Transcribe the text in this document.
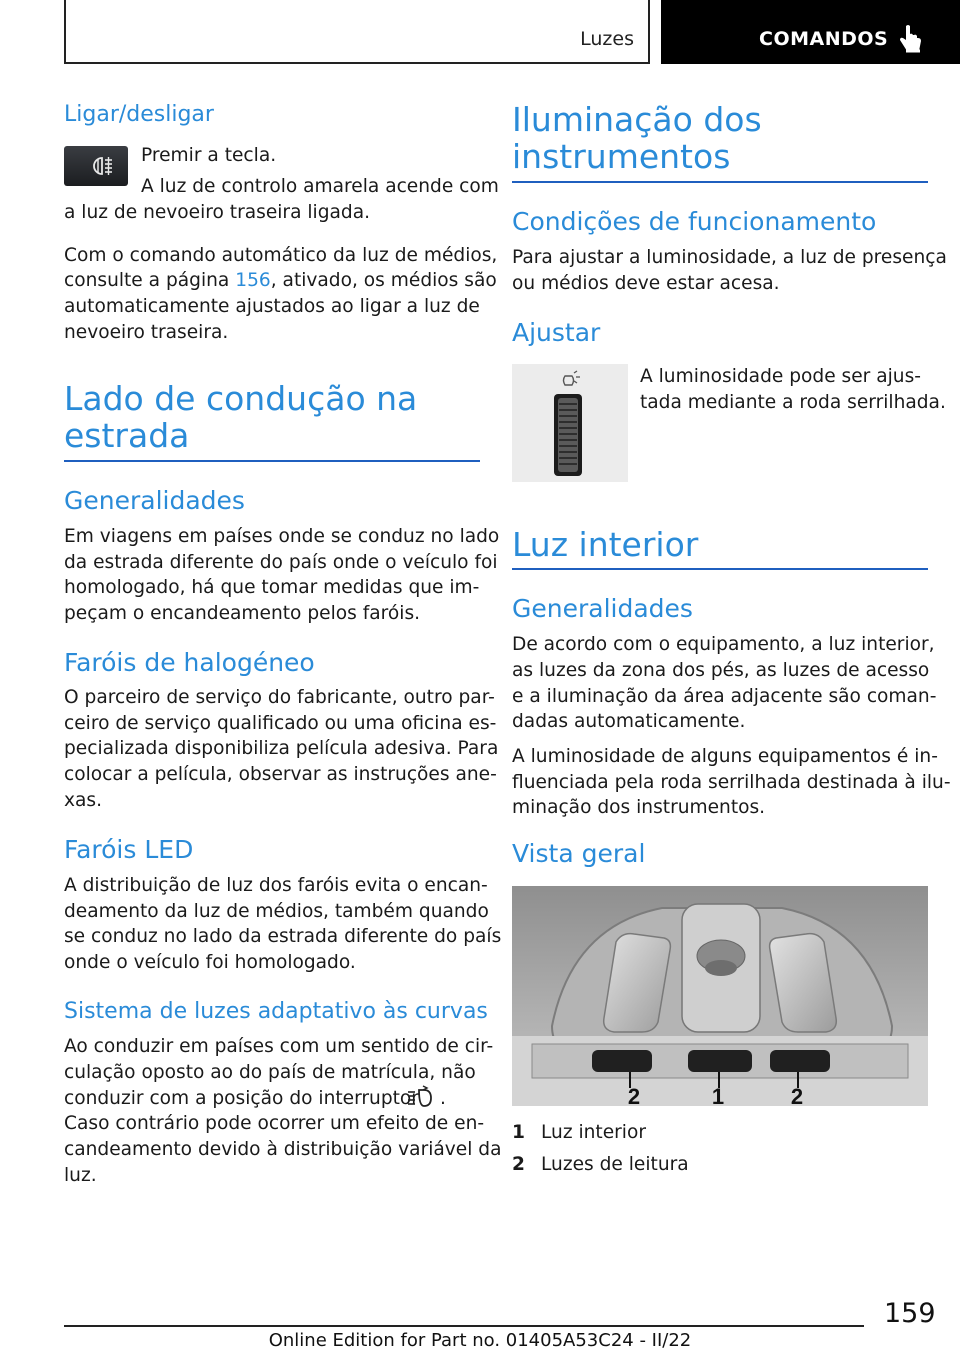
Luzes	COMANDOS
Ligar/desligar
Premir a tecla.
A luz de controlo amarela acende com
a luz de nevoeiro traseira ligada.
Com o comando automático da luz de médios,
consulte a página 156, ativado, os médios são
automaticamente ajustados ao ligar a luz de
nevoeiro traseira.
Lado de condução na
estrada
Generalidades
Em viagens em países onde se conduz no lado
da estrada diferente do país onde o veículo foi
homologado, há que tomar medidas que im-
peçam o encandeamento pelos faróis.
Faróis de halogéneo
O parceiro de serviço do fabricante, outro par-
ceiro de serviço qualificado ou uma oficina es-
pecializada disponibiliza película adesiva. Para
colocar a película, observar as instruções ane-
xas.
Faróis LED
A distribuição de luz dos faróis evita o encan-
deamento da luz de médios, também quando
se conduz no lado da estrada diferente do país
onde o veículo foi homologado.
Sistema de luzes adaptativo às curvas
Ao conduzir em países com um sentido de cir-
culação oposto ao do país de matrícula, não
conduzir com a posição do interruptor .
Caso contrário pode ocorrer um efeito de en-
candeamento devido à distribuição variável da
luz.
Iluminação dos
instrumentos
Condições de funcionamento
Para ajustar a luminosidade, a luz de presença
ou médios deve estar acesa.
Ajustar
A luminosidade pode ser ajus-
tada mediante a roda serrilhada.
Luz interior
Generalidades
De acordo com o equipamento, a luz interior,
as luzes da zona dos pés, as luzes de acesso
e a iluminação da área adjacente são coman-
dadas automaticamente.
A luminosidade de alguns equipamentos é in-
fluenciada pela roda serrilhada destinada à ilu-
minação dos instrumentos.
Vista geral
2	1	2
1 Luz interior
2 Luzes de leitura
159
Online Edition for Part no. 01405A53C24 - II/22
